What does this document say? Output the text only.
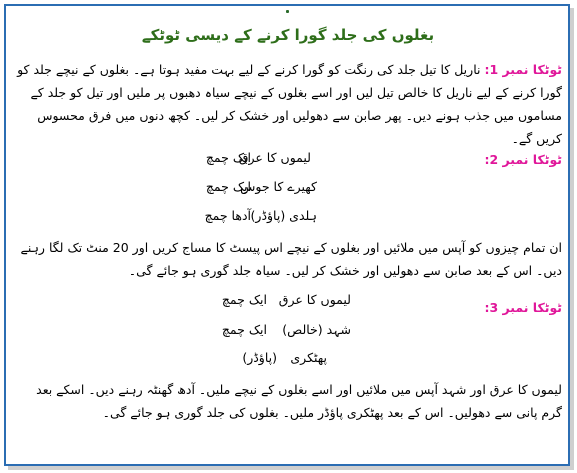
بغلوں کی جلد گورا کرنے کے دیسی ٹوٹکے
ٹوٹکا نمبر 1: ناریل کا تیل جلد کی رنگت کو گورا کرنے کے لیے بہت مفید ہوتا ہے۔ بغلوں کے نیچے جلد کو گورا کرنے کے لیے ناریل کا خالص تیل لیں اور اسے بغلوں کے نیچے سیاہ دھبوں پر ملیں اور تیل کو جلد کے مساموں میں جذب ہونے دیں۔ پھر صابن سے دھولیں اور خشک کر لیں۔ کچھ دنوں میں فرق محسوس کریں گے۔
ٹوٹکا نمبر 2:
لیموں کا عرق
ایک چمچ
کھیرے کا جوس
ایک چمچ
ہلدی (پاؤڈر)
آدھا چمچ
ان تمام چیزوں کو آپس میں ملائیں اور بغلوں کے نیچے اس پیسٹ کا مساج کریں اور 20 منٹ تک لگا رہنے دیں۔ اس کے بعد صابن سے دھولیں اور خشک کر لیں۔ سیاہ جلد گوری ہو جائے گی۔
ٹوٹکا نمبر 3:
لیموں کا عرق
ایک چمچ
شہد (خالص)
ایک چمچ
پھٹکری
(پاؤڈر)
لیموں کا عرق اور شہد آپس میں ملائیں اور اسے بغلوں کے نیچے ملیں۔ آدھ گھنٹہ رہنے دیں۔ اسکے بعد گرم پانی سے دھولیں۔ اس کے بعد پھٹکری پاؤڈر ملیں۔ بغلوں کی جلد گوری ہو جائے گی۔
